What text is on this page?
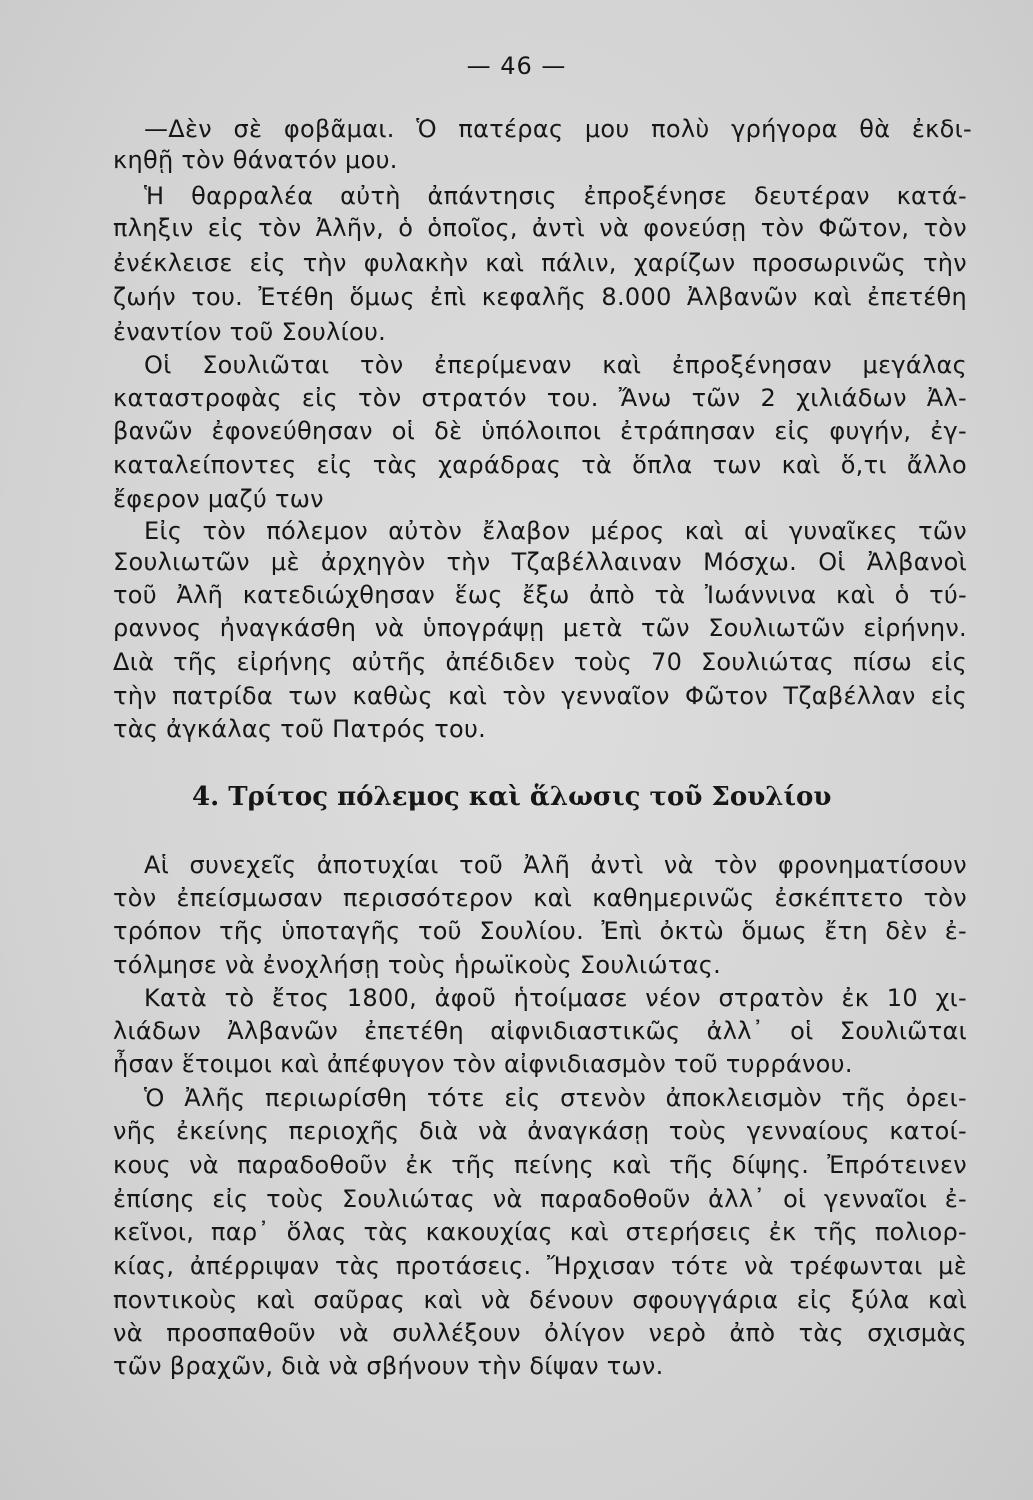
— 46 —
—Δὲν σὲ φοβᾶμαι. Ὁ πατέρας μου πολὺ γρήγορα θὰ ἐκδι-
κηθῇ τὸν θάνατόν μου.
Ἡ θαρραλέα αὐτὴ ἀπάντησις ἐπροξένησε δευτέραν κατά-
πληξιν εἰς τὸν Ἀλῆν, ὁ ὁποῖος, ἀντὶ νὰ φονεύσῃ τὸν Φῶτον, τὸν
ἐνέκλεισε εἰς τὴν φυλακὴν καὶ πάλιν, χαρίζων προσωρινῶς τὴν
ζωήν του. Ἐτέθη ὅμως ἐπὶ κεφαλῆς 8.000 Ἀλβανῶν καὶ ἐπετέθη
ἐναντίον τοῦ Σουλίου.
Οἱ Σουλιῶται τὸν ἐπερίμεναν καὶ ἐπροξένησαν μεγάλας
καταστροφὰς εἰς τὸν στρατόν του. Ἄνω τῶν 2 χιλιάδων Ἀλ-
βανῶν ἐφονεύθησαν οἱ δὲ ὑπόλοιποι ἐτράπησαν εἰς φυγήν, ἐγ-
καταλείποντες εἰς τὰς χαράδρας τὰ ὅπλα των καὶ ὅ,τι ἄλλο
ἔφερον μαζύ των
Εἰς τὸν πόλεμον αὐτὸν ἔλαβον μέρος καὶ αἱ γυναῖκες τῶν
Σουλιωτῶν μὲ ἀρχηγὸν τὴν Τζαβέλλαιναν Μόσχω. Οἱ Ἀλβανοὶ
τοῦ Ἀλῆ κατεδιώχθησαν ἕως ἔξω ἀπὸ τὰ Ἰωάννινα καὶ ὁ τύ-
ραννος ἠναγκάσθη νὰ ὑπογράψῃ μετὰ τῶν Σουλιωτῶν εἰρήνην.
Διὰ τῆς εἰρήνης αὐτῆς ἀπέδιδεν τοὺς 70 Σουλιώτας πίσω εἰς
τὴν πατρίδα των καθὼς καὶ τὸν γενναῖον Φῶτον Τζαβέλλαν εἰς
τὰς ἀγκάλας τοῦ Πατρός του.
4. Τρίτος πόλεμος καὶ ἅλωσις τοῦ Σουλίου
Αἱ συνεχεῖς ἀποτυχίαι τοῦ Ἀλῆ ἀντὶ νὰ τὸν φρονηματίσουν
τὸν ἐπείσμωσαν περισσότερον καὶ καθημερινῶς ἐσκέπτετο τὸν
τρόπον τῆς ὑποταγῆς τοῦ Σουλίου. Ἐπὶ ὀκτὼ ὅμως ἔτη δὲν ἐ-
τόλμησε νὰ ἐνοχλήσῃ τοὺς ἡρωϊκοὺς Σουλιώτας.
Κατὰ τὸ ἔτος 1800, ἀφοῦ ἡτοίμασε νέον στρατὸν ἐκ 10 χι-
λιάδων Ἀλβανῶν ἐπετέθη αἰφνιδιαστικῶς ἀλλ᾽ οἱ Σουλιῶται
ἦσαν ἕτοιμοι καὶ ἀπέφυγον τὸν αἰφνιδιασμὸν τοῦ τυρράνου.
Ὁ Ἀλῆς περιωρίσθη τότε εἰς στενὸν ἀποκλεισμὸν τῆς ὀρει-
νῆς ἐκείνης περιοχῆς διὰ νὰ ἀναγκάσῃ τοὺς γενναίους κατοί-
κους νὰ παραδοθοῦν ἐκ τῆς πείνης καὶ τῆς δίψης. Ἐπρότεινεν
ἐπίσης εἰς τοὺς Σουλιώτας νὰ παραδοθοῦν ἀλλ᾽ οἱ γενναῖοι ἐ-
κεῖνοι, παρ᾽ ὅλας τὰς κακουχίας καὶ στερήσεις ἐκ τῆς πολιορ-
κίας, ἀπέρριψαν τὰς προτάσεις. Ἤρχισαν τότε νὰ τρέφωνται μὲ
ποντικοὺς καὶ σαῦρας καὶ νὰ δένουν σφουγγάρια εἰς ξύλα καὶ
νὰ προσπαθοῦν νὰ συλλέξουν ὀλίγον νερὸ ἀπὸ τὰς σχισμὰς
τῶν βραχῶν, διὰ νὰ σβήνουν τὴν δίψαν των.
